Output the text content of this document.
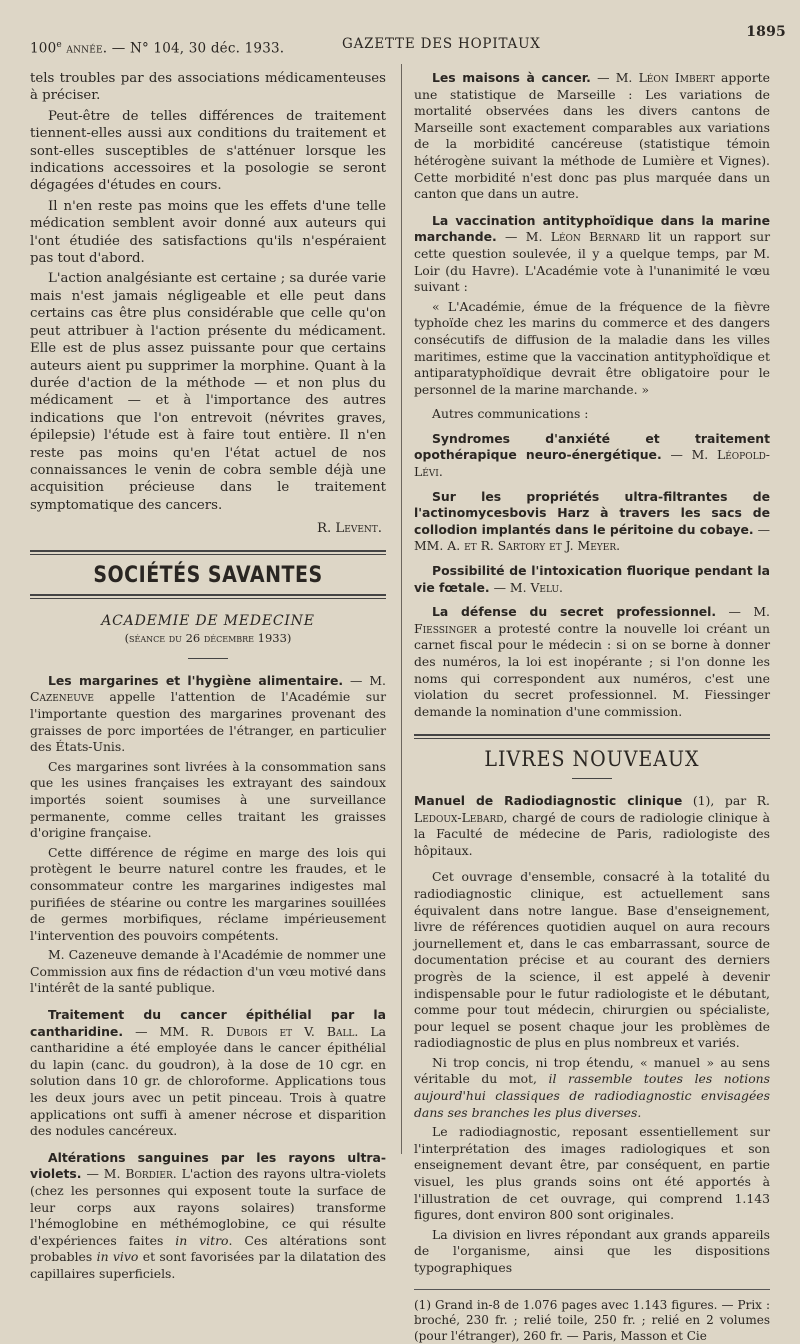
100e année. — N° 104, 30 déc. 1933.	GAZETTE DES HOPITAUX
1895

tels troubles par des associations médicamenteuses à préciser.

Peut-être de telles différences de traitement tiennent-elles aussi aux conditions du traitement et sont-elles susceptibles de s'atténuer lorsque les indications accessoires et la posologie se seront dégagées d'études en cours.

Il n'en reste pas moins que les effets d'une telle médication semblent avoir donné aux auteurs qui l'ont étudiée des satisfactions qu'ils n'espéraient pas tout d'abord.

L'action analgésiante est certaine ; sa durée varie mais n'est jamais négligeable et elle peut dans certains cas être plus considérable que celle qu'on peut attribuer à l'action présente du médicament. Elle est de plus assez puissante pour que certains auteurs aient pu supprimer la morphine. Quant à la durée d'action de la méthode — et non plus du médicament — et à l'importance des autres indications que l'on entrevoit (névrites graves, épilepsie) l'étude est à faire tout entière. Il n'en reste pas moins qu'en l'état actuel de nos connaissances le venin de cobra semble déjà une acquisition précieuse dans le traitement symptomatique des cancers.

R. Levent.
SOCIÉTÉS SAVANTES
ACADEMIE DE MEDECINE
(séance du 26 décembre 1933)

Les margarines et l'hygiène alimentaire. — M. Cazeneuve appelle l'attention de l'Académie sur l'importante question des margarines provenant des graisses de porc importées de l'étranger, en particulier des États-Unis.

Ces margarines sont livrées à la consommation sans que les usines françaises les extrayant des saindoux importés soient soumises à une surveillance permanente, comme celles traitant les graisses d'origine française.

Cette différence de régime en marge des lois qui protègent le beurre naturel contre les fraudes, et le consommateur contre les margarines indigestes mal purifiées de stéarine ou contre les margarines souillées de germes morbifiques, réclame impérieusement l'intervention des pouvoirs compétents.

M. Cazeneuve demande à l'Académie de nommer une Commission aux fins de rédaction d'un vœu motivé dans l'intérêt de la santé publique.

Traitement du cancer épithélial par la cantharidine. — MM. R. Dubois et V. Ball. La cantharidine a été employée dans le cancer épithélial du lapin (canc. du goudron), à la dose de 10 cgr. en solution dans 10 gr. de chloroforme. Applications tous les deux jours avec un petit pinceau. Trois à quatre applications ont suffi à amener nécrose et disparition des nodules cancéreux.

Altérations sanguines par les rayons ultra-violets. — M. Bordier. L'action des rayons ultra-violets (chez les personnes qui exposent toute la surface de leur corps aux rayons solaires) transforme l'hémoglobine en méthémoglobine, ce qui résulte d'expériences faites in vitro. Ces altérations sont probables in vivo et sont favorisées par la dilatation des capillaires superficiels.

Les maisons à cancer. — M. Léon Imbert apporte une statistique de Marseille : Les variations de mortalité observées dans les divers cantons de Marseille sont exactement comparables aux variations de la morbidité cancéreuse (statistique témoin hétérogène suivant la méthode de Lumière et Vignes). Cette morbidité n'est donc pas plus marquée dans un canton que dans un autre.

La vaccination antityphoïdique dans la marine marchande. — M. Léon Bernard lit un rapport sur cette question soulevée, il y a quelque temps, par M. Loir (du Havre). L'Académie vote à l'unanimité le vœu suivant :

« L'Académie, émue de la fréquence de la fièvre typhoïde chez les marins du commerce et des dangers consécutifs de diffusion de la maladie dans les villes maritimes, estime que la vaccination antityphoïdique et antiparatyphoïdique devrait être obligatoire pour le personnel de la marine marchande. »

Autres communications :

Syndromes d'anxiété et traitement opothérapique neuro-énergétique. — M. Léopold-Lévi.

Sur les propriétés ultra-filtrantes de l'actinomycesbovis Harz à travers les sacs de collodion implantés dans le péritoine du cobaye. — MM. A. et R. Sartory et J. Meyer.

Possibilité de l'intoxication fluorique pendant la vie fœtale. — M. Velu.

La défense du secret professionnel. — M. Fiessinger a protesté contre la nouvelle loi créant un carnet fiscal pour le médecin : si on se borne à donner des numéros, la loi est inopérante ; si l'on donne les noms qui correspondent aux numéros, c'est une violation du secret professionnel. M. Fiessinger demande la nomination d'une commission.

LIVRES NOUVEAUX

Manuel de Radiodiagnostic clinique (1), par R. Ledoux-Lebard, chargé de cours de radiologie clinique à la Faculté de médecine de Paris, radiologiste des hôpitaux.

Cet ouvrage d'ensemble, consacré à la totalité du radiodiagnostic clinique, est actuellement sans équivalent dans notre langue. Base d'enseignement, livre de références quotidien auquel on aura recours journellement et, dans le cas embarrassant, source de documentation précise et au courant des derniers progrès de la science, il est appelé à devenir indispensable pour le futur radiologiste et le débutant, comme pour tout médecin, chirurgien ou spécialiste, pour lequel se posent chaque jour les problèmes de radiodiagnostic de plus en plus nombreux et variés.

Ni trop concis, ni trop étendu, « manuel » au sens véritable du mot, il rassemble toutes les notions aujourd'hui classiques de radiodiagnostic envisagées dans ses branches les plus diverses.

Le radiodiagnostic, reposant essentiellement sur l'interprétation des images radiologiques et son enseignement devant être, par conséquent, en partie visuel, les plus grands soins ont été apportés à l'illustration de cet ouvrage, qui comprend 1.143 figures, dont environ 800 sont originales.

La division en livres répondant aux grands appareils de l'organisme, ainsi que les dispositions typographiques

(1) Grand in-8 de 1.076 pages avec 1.143 figures. — Prix : broché, 230 fr. ; relié toile, 250 fr. ; relié en 2 volumes (pour l'étranger), 260 fr. — Paris, Masson et Cie
